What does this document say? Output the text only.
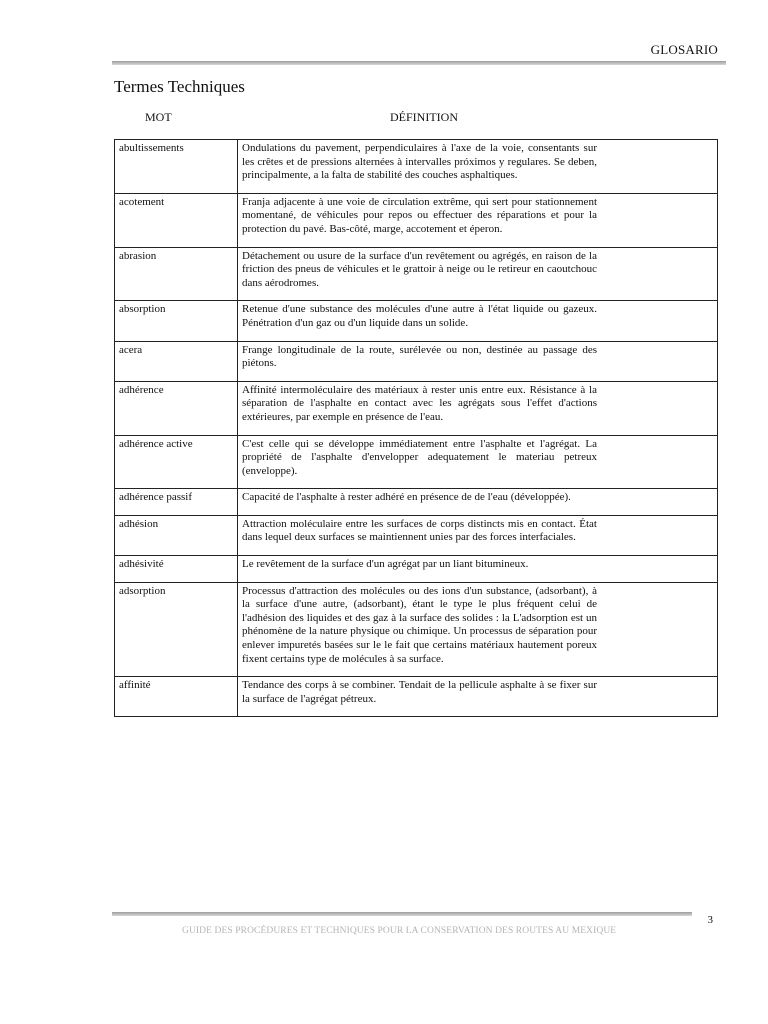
GLOSARIO
Termes Techniques
MOT	DÉFINITION
abultissements	Ondulations du pavement, perpendiculaires à l'axe de la voie, consentants sur les crêtes et de pressions alternées à intervalles próximos y regulares. Se deben, principalmente, a la falta de stabilité des couches asphaltiques.
acotement	Franja adjacente à une voie de circulation extrême, qui sert pour stationnement momentané, de véhicules pour repos ou effectuer des réparations et pour la protection du pavé. Bas-côté, marge, accotement et éperon.
abrasion	Détachement ou usure de la surface d'un revêtement ou agrégés, en raison de la friction des pneus de véhicules et le grattoir à neige ou le retireur en caoutchouc dans aérodromes.
absorption	Retenue d'une substance des molécules d'une autre à l'état liquide ou gazeux. Pénétration d'un gaz ou d'un liquide dans un solide.
acera	Frange longitudinale de la route, surélevée ou non, destinée au passage des piétons.
adhérence	Affinité intermoléculaire des matériaux à rester unis entre eux. Résistance à la séparation de l'asphalte en contact avec les agrégats sous l'effet d'actions extérieures, par exemple en présence de l'eau.
adhérence active	C'est celle qui se développe immédiatement entre l'asphalte et l'agrégat. La propriété de l'asphalte d'envelopper adequatement le materiau petreux (enveloppe).
adhérence passif	Capacité de l'asphalte à rester adhéré en présence de de l'eau (développée).
adhésion	Attraction moléculaire entre les surfaces de corps distincts mis en contact. État dans lequel deux surfaces se maintiennent unies par des forces interfaciales.
adhésivité	Le revêtement de la surface d'un agrégat par un liant bitumineux.
adsorption	Processus d'attraction des molécules ou des ions d'un substance, (adsorbant), à la surface d'une autre, (adsorbant), étant le type le plus fréquent celui de l'adhésion des liquides et des gaz à la surface des solides : la L'adsorption est un phénomène de la nature physique ou chimique. Un processus de séparation pour enlever impuretés basées sur le le fait que certains matériaux hautement poreux fixent certains type de molécules à sa surface.
affinité	Tendance des corps à se combiner. Tendait de la pellicule asphalte à se fixer sur la surface de l'agrégat pétreux.
3
GUIDE DES PROCÉDURES ET TECHNIQUES POUR LA CONSERVATION DES ROUTES AU MEXIQUE
